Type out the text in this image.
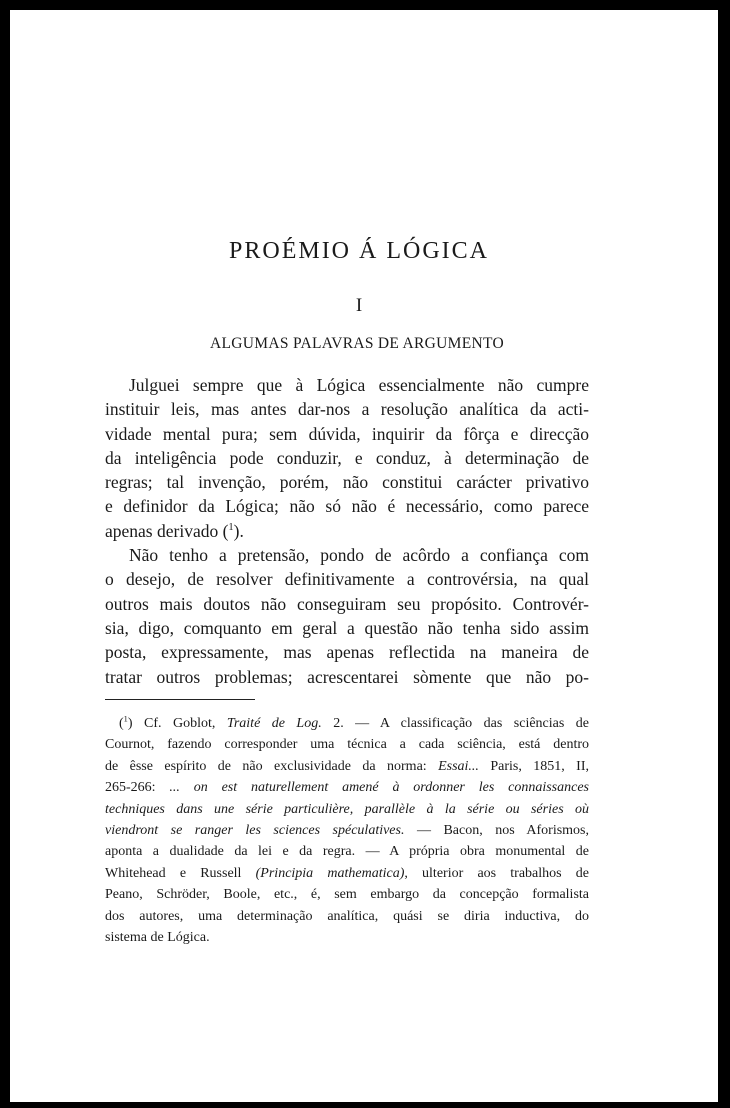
PROÉMIO Á LÓGICA
I
ALGUMAS PALAVRAS DE ARGUMENTO
Julguei sempre que à Lógica essencialmente não cumpre
instituir leis, mas antes dar-nos a resolução analítica da acti-
vidade mental pura; sem dúvida, inquirir da fôrça e direcção
da inteligência pode conduzir, e conduz, à determinação de
regras; tal invenção, porém, não constitui carácter privativo
e definidor da Lógica; não só não é necessário, como parece
apenas derivado ($^1$).
Não tenho a pretensão, pondo de acôrdo a confiança com
o desejo, de resolver definitivamente a controvérsia, na qual
outros mais doutos não conseguiram seu propósito. Controvér-
sia, digo, comquanto em geral a questão não tenha sido assim
posta, expressamente, mas apenas reflectida na maneira de
tratar outros problemas; acrescentarei sòmente que não po-
($^1$) Cf. Goblot, Traité de Log. 2. — A classificação das sciências de
Cournot, fazendo corresponder uma técnica a cada sciência, está dentro
de êsse espírito de não exclusividade da norma: Essai... Paris, 1851, II,
265-266: ... on est naturellement amené à ordonner les connaissances
techniques dans une série particulière, parallèle à la série ou séries où
viendront se ranger les sciences spéculatives. — Bacon, nos Aforismos,
aponta a dualidade da lei e da regra. — A própria obra monumental de
Whitehead e Russell (Principia mathematica), ulterior aos trabalhos de
Peano, Schröder, Boole, etc., é, sem embargo da concepção formalista
dos autores, uma determinação analítica, quási se diria inductiva, do
sistema de Lógica.
